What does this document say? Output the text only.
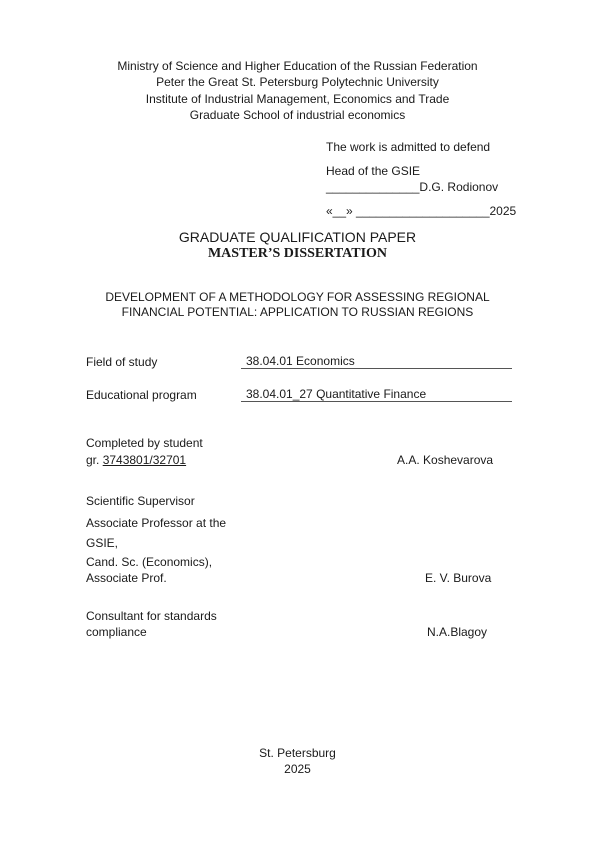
Ministry of Science and Higher Education of the Russian Federation
Peter the Great St. Petersburg Polytechnic University
Institute of Industrial Management, Economics and Trade
Graduate School of industrial economics
The work is admitted to defend
Head of the GSIE
______________D.G. Rodionov
«__» ____________________2025
GRADUATE QUALIFICATION PAPER
MASTER’S DISSERTATION
DEVELOPMENT OF A METHODOLOGY FOR ASSESSING REGIONAL
FINANCIAL POTENTIAL: APPLICATION TO RUSSIAN REGIONS
Field of study	38.04.01 Economics
Educational program	38.04.01_27 Quantitative Finance
Completed by student
gr. 3743801/32701	A.A. Koshevarova
Scientific Supervisor
Associate Professor at the
GSIE,
Cand. Sc. (Economics),
Associate Prof.	E. V. Burova
Consultant for standards
compliance	N.A.Blagoy
St. Petersburg
2025
